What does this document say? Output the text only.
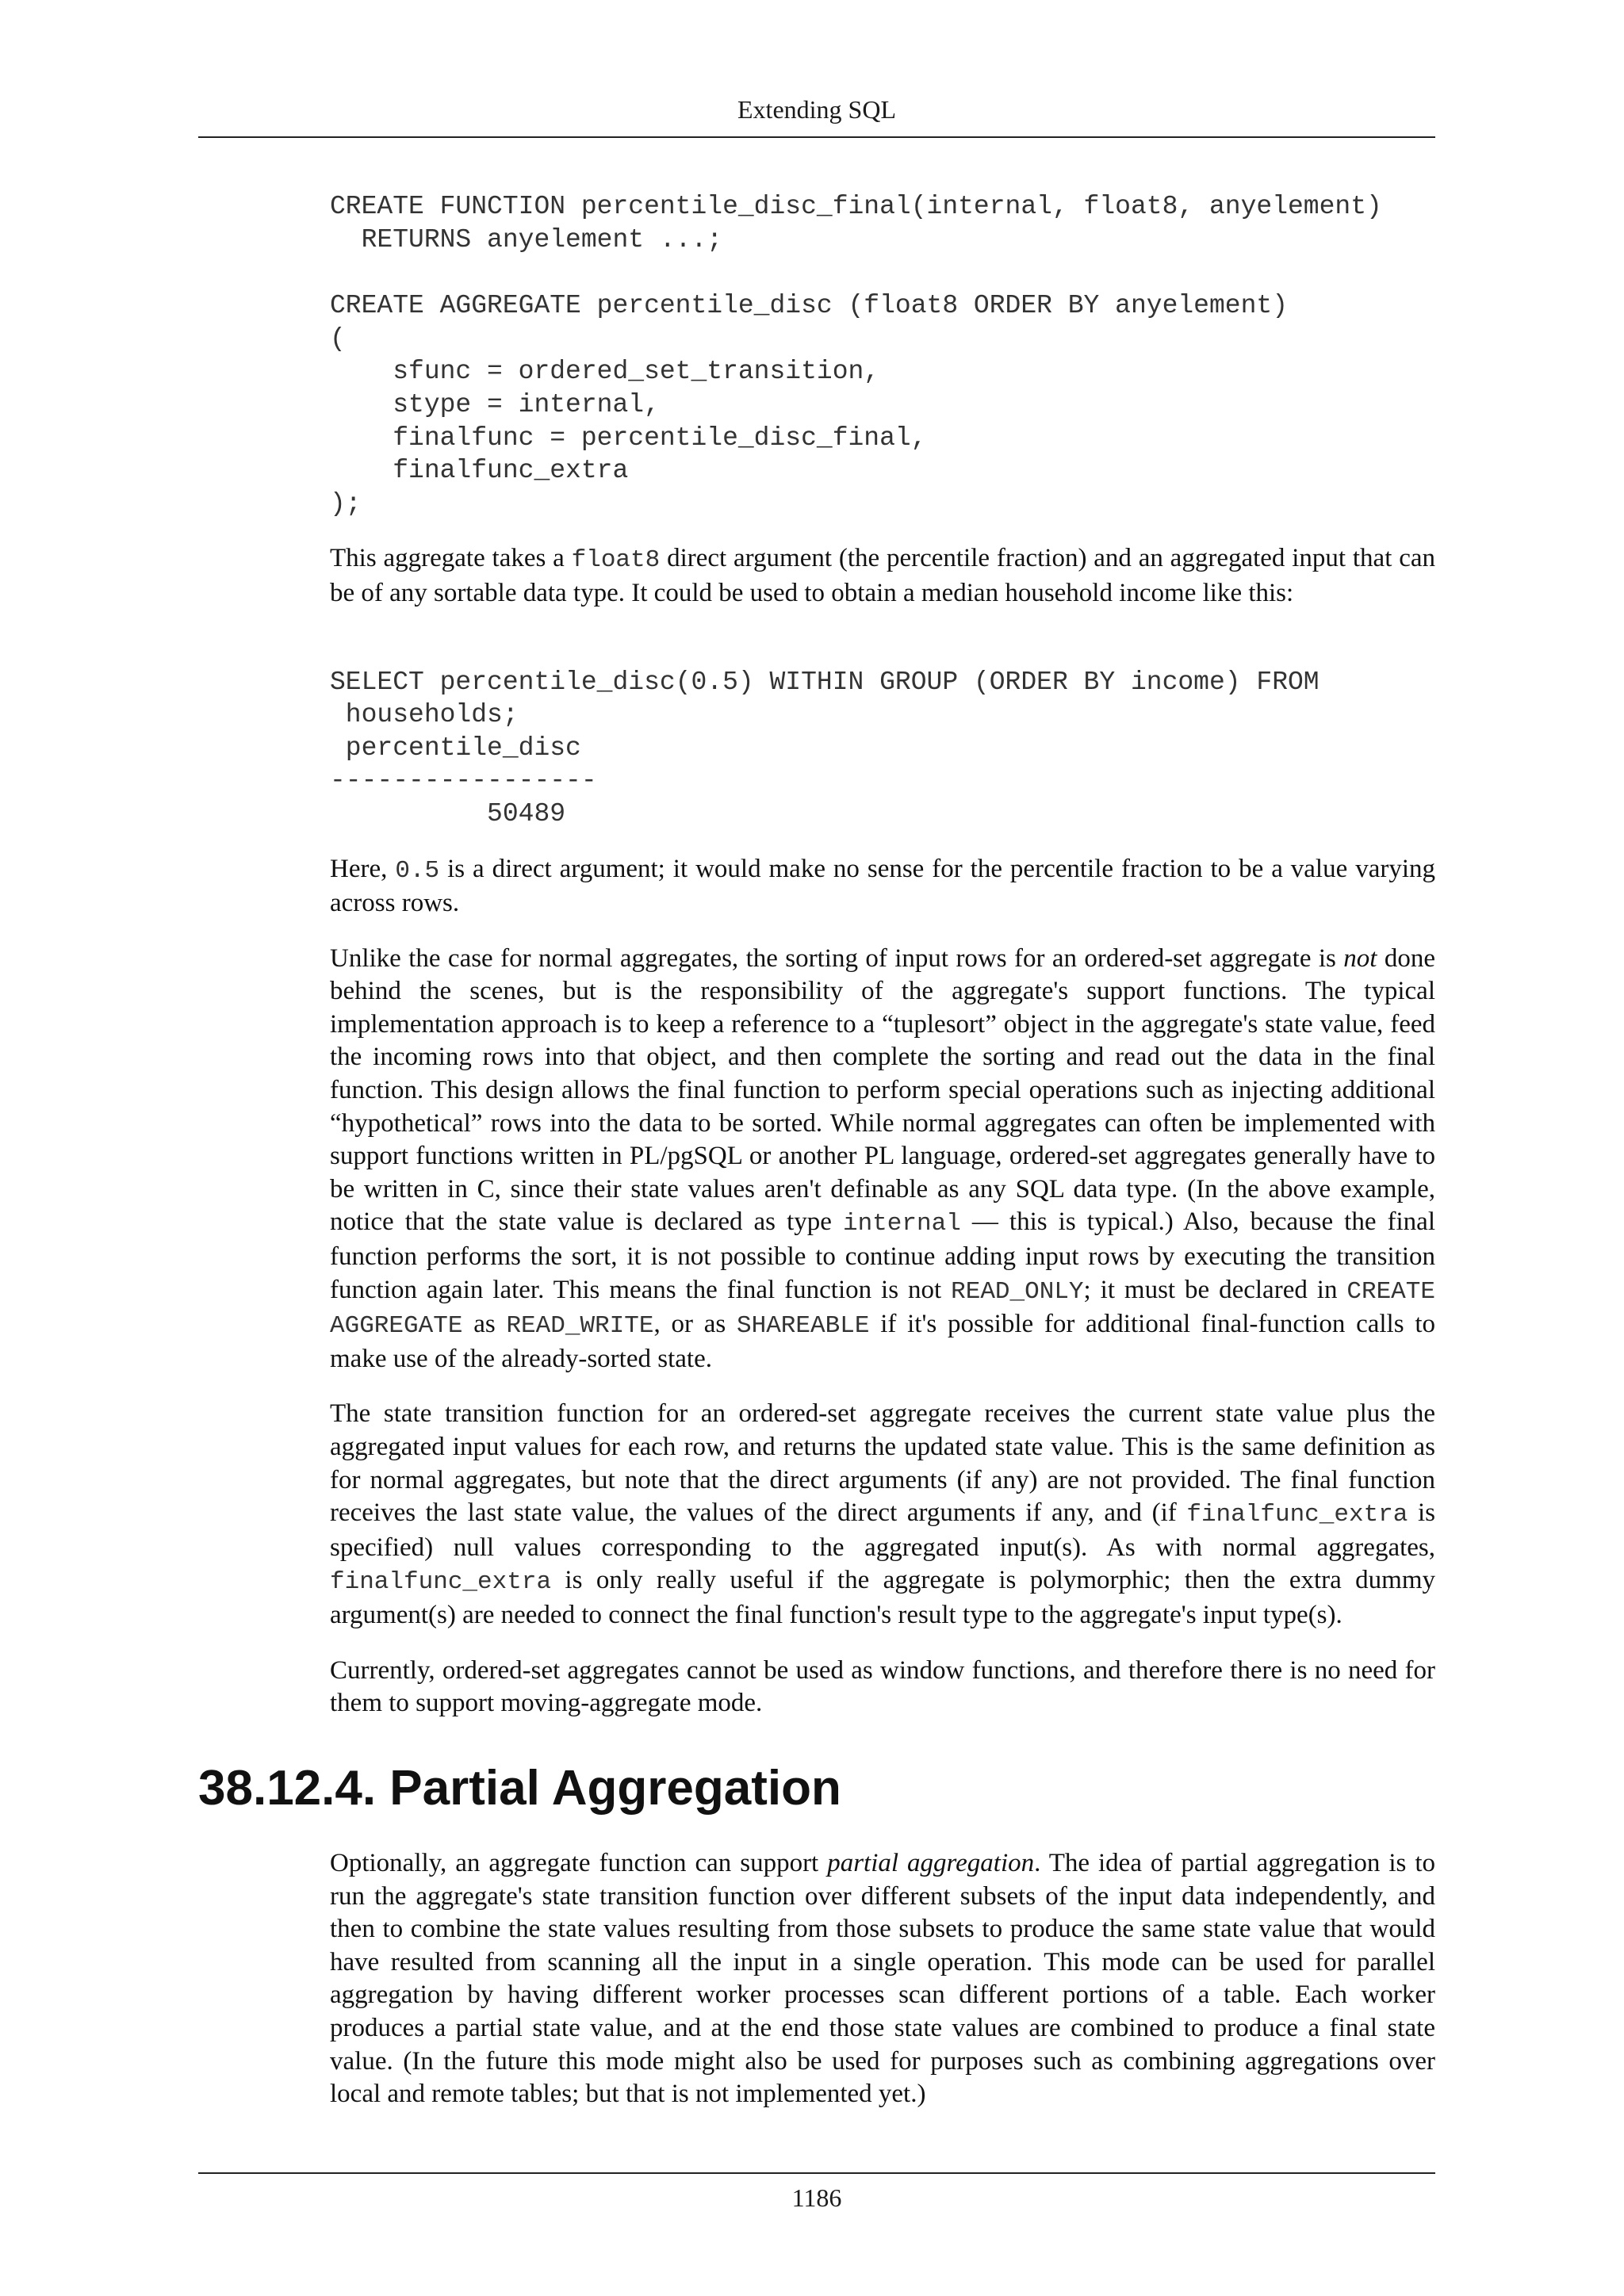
Extending SQL
CREATE FUNCTION percentile_disc_final(internal, float8, anyelement)
RETURNS anyelement ...;
CREATE AGGREGATE percentile_disc (float8 ORDER BY anyelement)
(
sfunc = ordered_set_transition,
stype = internal,
finalfunc = percentile_disc_final,
finalfunc_extra
);

This aggregate takes a float8 direct argument (the percentile fraction) and an aggregated input that can be of any sortable data type. It could be used to obtain a median household income like this:

SELECT percentile_disc(0.5) WITHIN GROUP (ORDER BY income) FROM
households;
percentile_disc
-----------------
50489

Here, 0.5 is a direct argument; it would make no sense for the percentile fraction to be a value varying across rows.

Unlike the case for normal aggregates, the sorting of input rows for an ordered-set aggregate is not done behind the scenes, but is the responsibility of the aggregate's support functions. The typical implementation approach is to keep a reference to a “tuplesort” object in the aggregate's state value, feed the incoming rows into that object, and then complete the sorting and read out the data in the final function. This design allows the final function to perform special operations such as injecting additional “hypothetical” rows into the data to be sorted. While normal aggregates can often be implemented with support functions written in PL/pgSQL or another PL language, ordered-set aggregates generally have to be written in C, since their state values aren't definable as any SQL data type. (In the above example, notice that the state value is declared as type internal — this is typical.) Also, because the final function performs the sort, it is not possible to continue adding input rows by executing the transition function again later. This means the final function is not READ_ONLY; it must be declared in CREATE AGGREGATE as READ_WRITE, or as SHAREABLE if it's possible for additional final-function calls to make use of the already-sorted state.

The state transition function for an ordered-set aggregate receives the current state value plus the aggregated input values for each row, and returns the updated state value. This is the same definition as for normal aggregates, but note that the direct arguments (if any) are not provided. The final function receives the last state value, the values of the direct arguments if any, and (if finalfunc_extra is specified) null values corresponding to the aggregated input(s). As with normal aggregates, finalfunc_extra is only really useful if the aggregate is polymorphic; then the extra dummy argument(s) are needed to connect the final function's result type to the aggregate's input type(s).

Currently, ordered-set aggregates cannot be used as window functions, and therefore there is no need for them to support moving-aggregate mode.

38.12.4. Partial Aggregation

Optionally, an aggregate function can support partial aggregation. The idea of partial aggregation is to run the aggregate's state transition function over different subsets of the input data independently, and then to combine the state values resulting from those subsets to produce the same state value that would have resulted from scanning all the input in a single operation. This mode can be used for parallel aggregation by having different worker processes scan different portions of a table. Each worker produces a partial state value, and at the end those state values are combined to produce a final state value. (In the future this mode might also be used for purposes such as combining aggregations over local and remote tables; but that is not implemented yet.)

1186
